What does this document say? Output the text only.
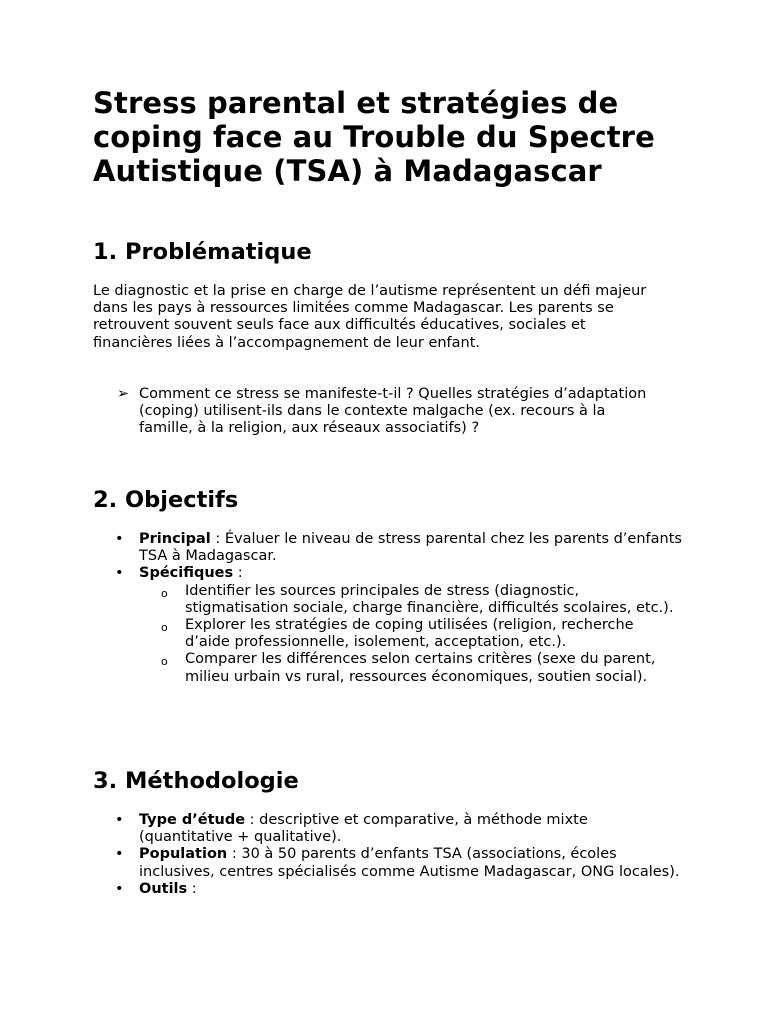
Stress parental et stratégies de coping face au Trouble du Spectre Autistique (TSA) à Madagascar
1. Problématique

Le diagnostic et la prise en charge de l’autisme représentent un défi majeur dans les pays à ressources limitées comme Madagascar. Les parents se retrouvent souvent seuls face aux difficultés éducatives, sociales et financières liées à l’accompagnement de leur enfant.

➢ Comment ce stress se manifeste-t-il ? Quelles stratégies d’adaptation (coping) utilisent-ils dans le contexte malgache (ex. recours à la famille, à la religion, aux réseaux associatifs) ?
2. Objectifs
• Principal : Évaluer le niveau de stress parental chez les parents d’enfants TSA à Madagascar.
• Spécifiques :
o Identifier les sources principales de stress (diagnostic, stigmatisation sociale, charge financière, difficultés scolaires, etc.).
o Explorer les stratégies de coping utilisées (religion, recherche d’aide professionnelle, isolement, acceptation, etc.).
o Comparer les différences selon certains critères (sexe du parent, milieu urbain vs rural, ressources économiques, soutien social).
3. Méthodologie
• Type d’étude : descriptive et comparative, à méthode mixte (quantitative + qualitative).
• Population : 30 à 50 parents d’enfants TSA (associations, écoles inclusives, centres spécialisés comme Autisme Madagascar, ONG locales).
• Outils :
